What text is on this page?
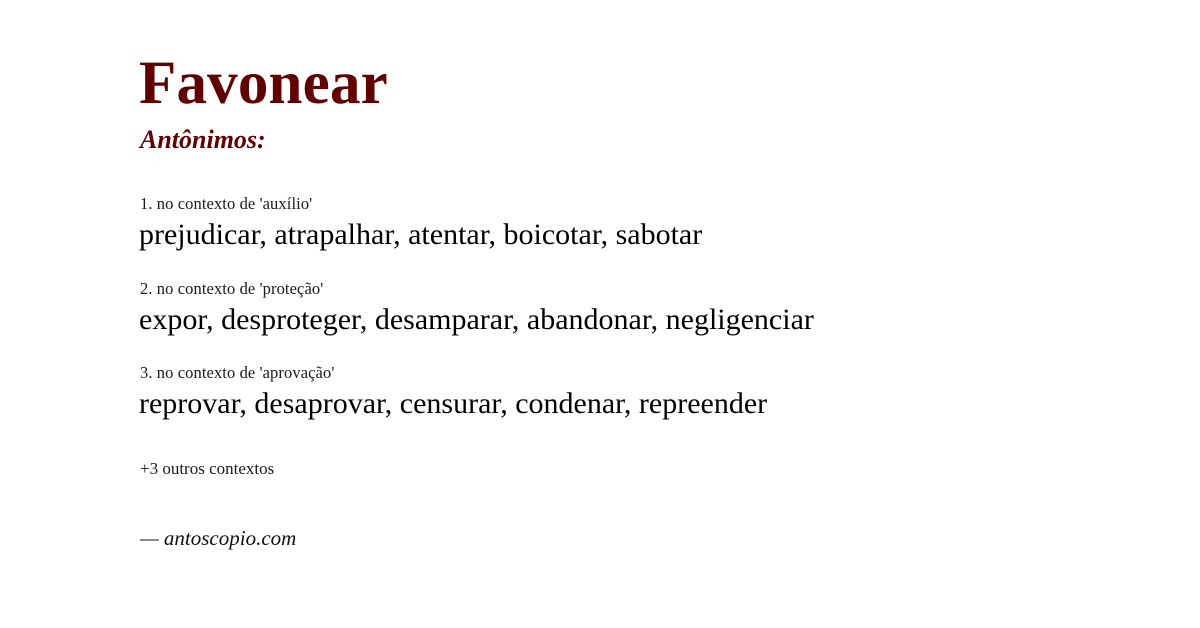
Favonear
Antônimos:
1. no contexto de 'auxílio'
prejudicar, atrapalhar, atentar, boicotar, sabotar
2. no contexto de 'proteção'
expor, desproteger, desamparar, abandonar, negligenciar
3. no contexto de 'aprovação'
reprovar, desaprovar, censurar, condenar, repreender
+3 outros contextos
— antoscopio.com
